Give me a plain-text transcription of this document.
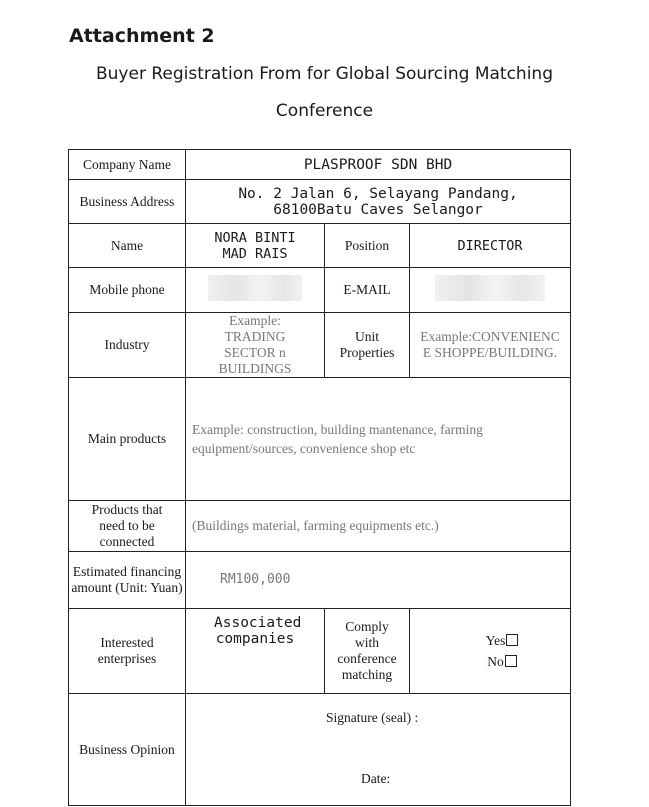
Attachment 2
Buyer Registration From for Global Sourcing Matching
Conference
Company Name	PLASPROOF SDN BHD		
Business Address	No. 2 Jalan 6, Selayang Pandang, 68100Batu Caves Selangor		
Name	NORA BINTI MAD RAIS	Position	DIRECTOR
Mobile phone		E-MAIL	
Industry	Example: TRADING SECTOR n BUILDINGS	Unit Properties	Example:CONVENIENCE SHOPPE/BUILDING.
Main products	Example: construction, building mantenance, farming equipment/sources, convenience shop etc		
Products that need to be connected	(Buildings material, farming equipments etc.)		
Estimated financing amount (Unit: Yuan)	RM100,000		
Interested enterprises	Associated companies	Comply with conference matching	Yes
No

Business Opinion	Signature (seal) :
Date:		
